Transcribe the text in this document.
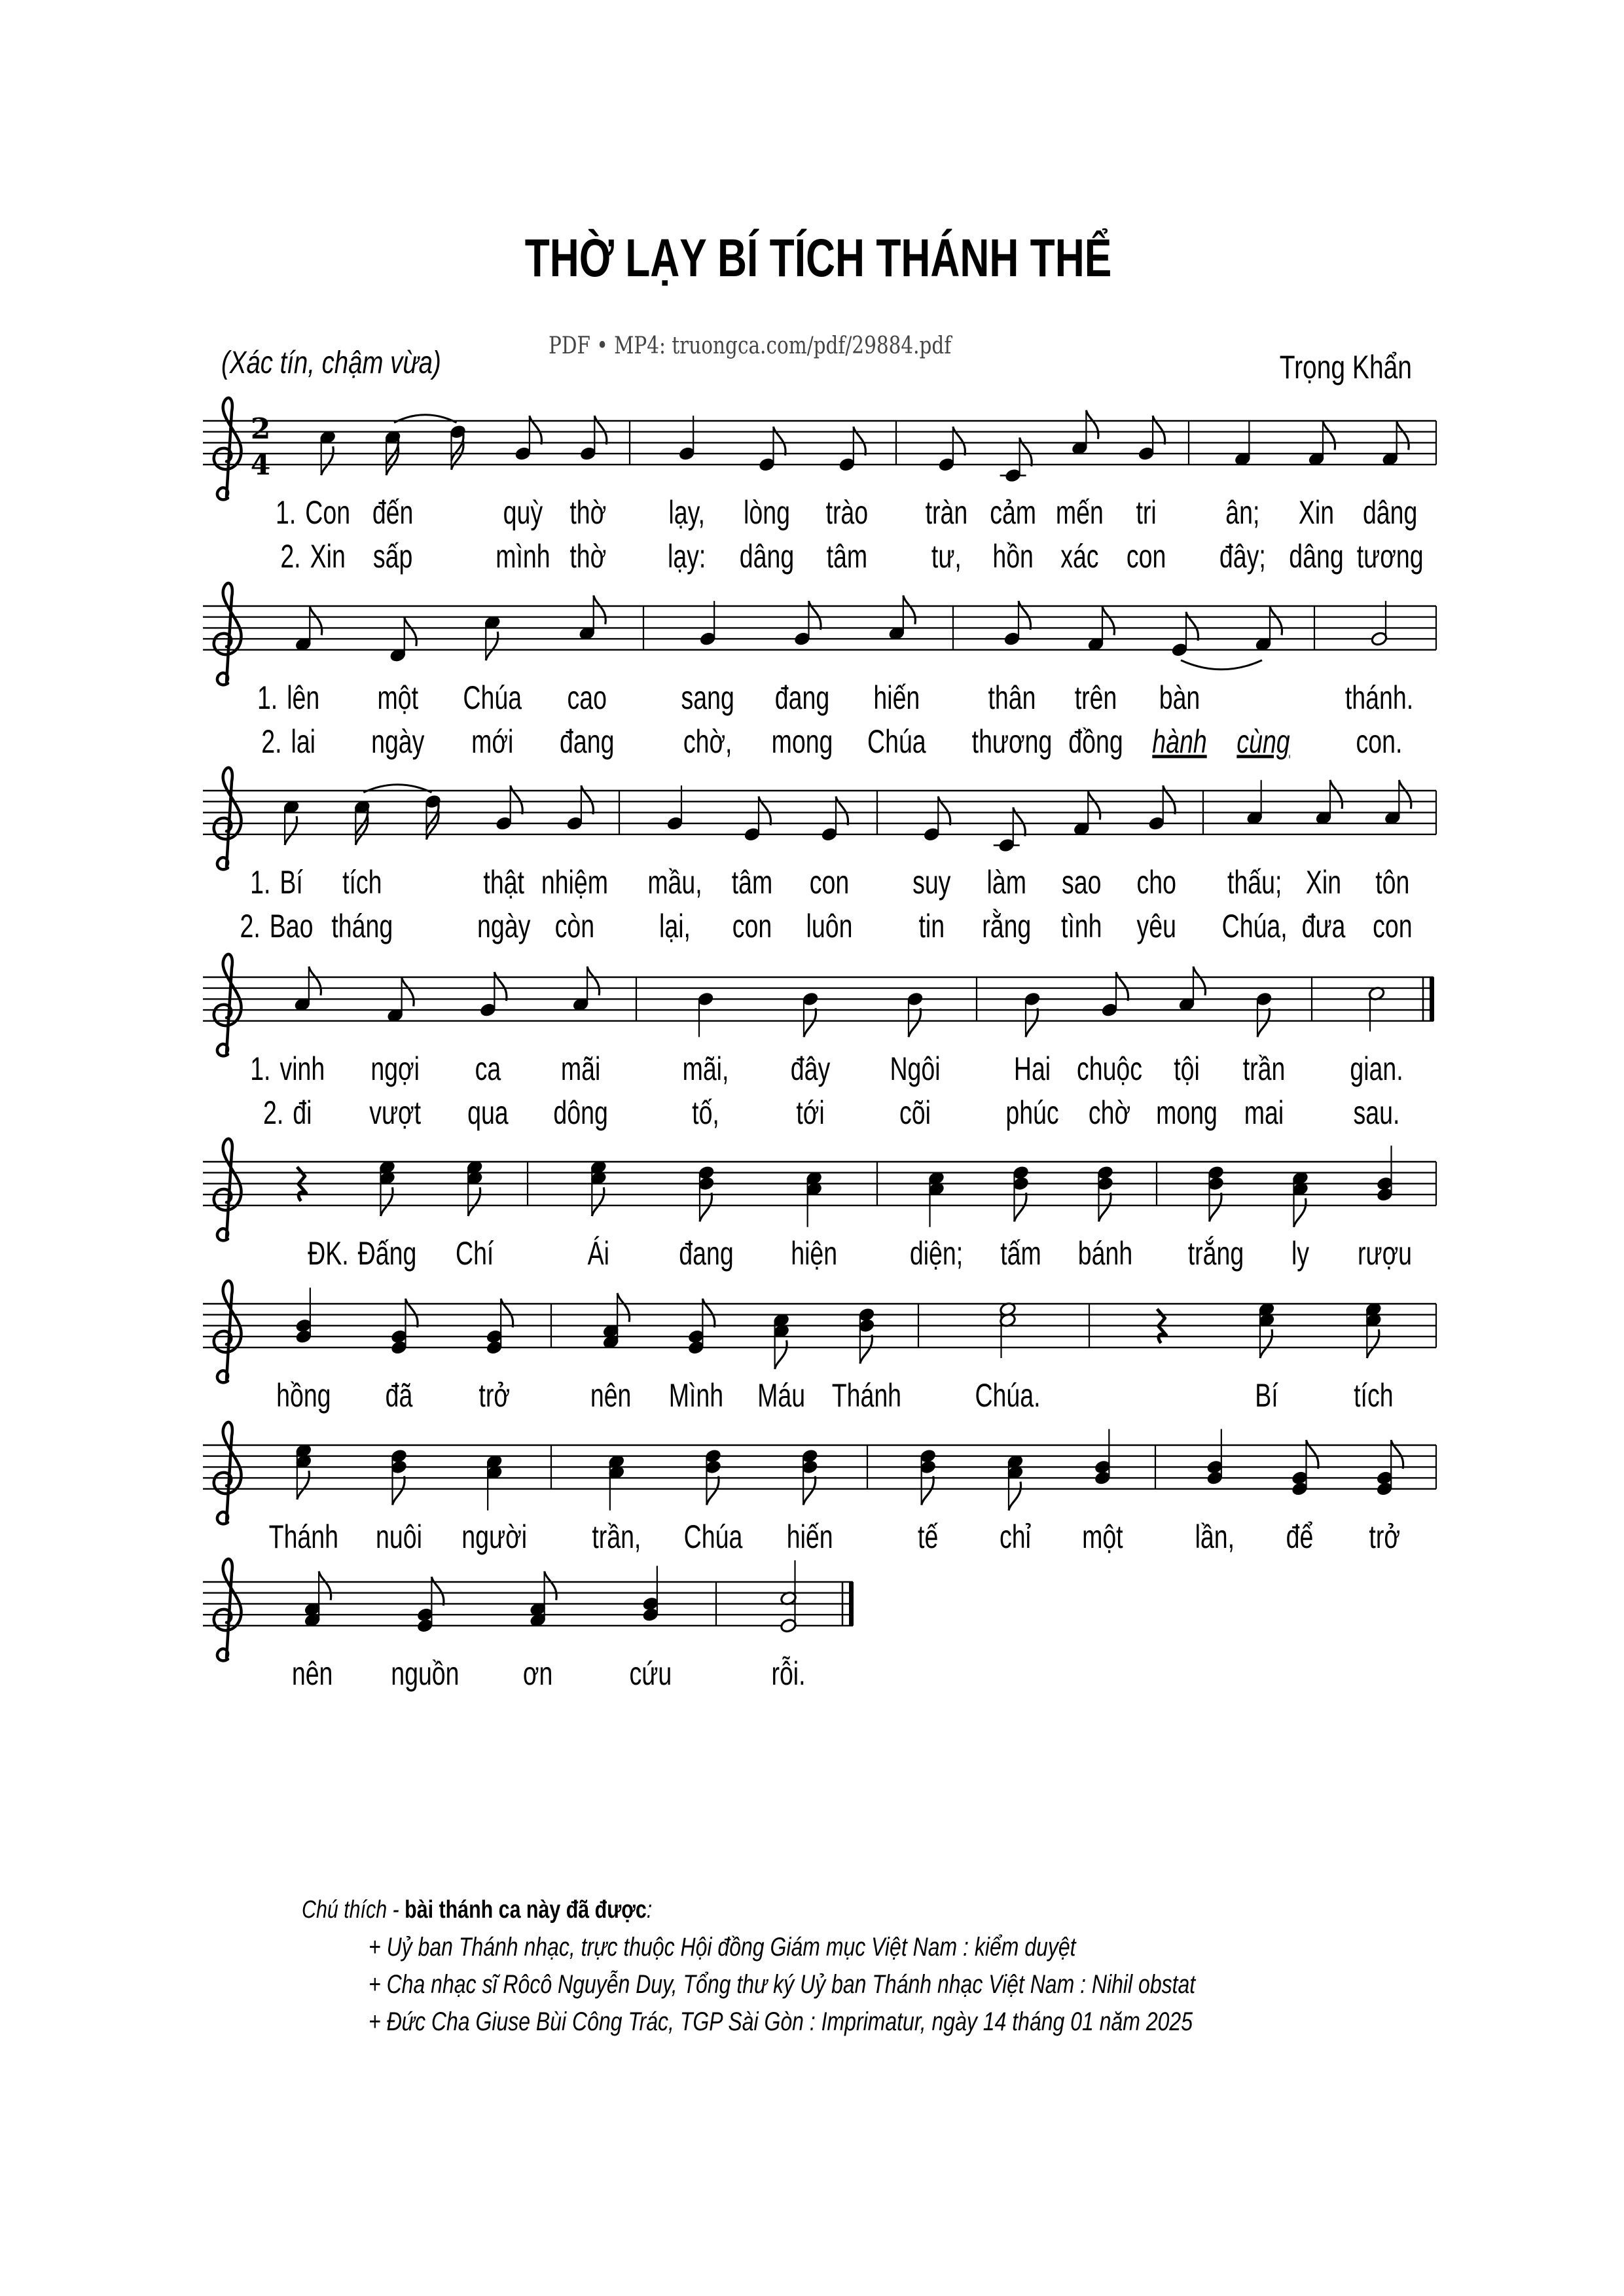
THỜ LẠY BÍ TÍCH THÁNH THỂ
(Xác tín, chậm vừa)
PDF • MP4: truongca.com/pdf/29884.pdf
Trọng Khẩn
2
4
Con
Xin
đến
sấp
quỳ
mình
thờ
thờ
lạy,
lạy:
lòng
dâng
trào
tâm
tràn
tư,
cảm
hồn
mến
xác
tri
con
ân;
đây;
Xin
dâng
dâng
tương
1.
2.
lên
lai
một
ngày
Chúa
mới
cao
đang
sang
chờ,
đang
mong
hiến
Chúa
thân
thương
trên
đồng
bàn
hành cùng
thánh.
con.
1.
2.
Bí
Bao
tích
tháng
thật
ngày
nhiệm
còn
mầu,
lại,
tâm
con
con
luôn
suy
tin
làm
rằng
sao
tình
cho
yêu
thấu;
Chúa,
Xin
đưa
tôn
con
1.
2.
vinh
đi
ngợi
vượt
ca
qua
mãi
dông
mãi,
tố,
đây
tới
Ngôi
cõi
Hai
phúc
chuộc
chờ
tội
mong
trần
mai
gian.
sau.
1.
2.
Đấng Chí	Ái đang hiện diện; tấm bánh trắng ly rượu
ĐK.
hồng đã trở nên Mình Máu Thánh Chúa.	Bí tích
Thánh nuôi người trần, Chúa hiến	tế chỉ một lần, để trở
nên nguồn ơn cứu	rỗi.
Chú thích - bài thánh ca này đã được:
+ Uỷ ban Thánh nhạc, trực thuộc Hội đồng Giám mục Việt Nam : kiểm duyệt
+ Cha nhạc sĩ Rôcô Nguyễn Duy, Tổng thư ký Uỷ ban Thánh nhạc Việt Nam : Nihil obstat
+ Đức Cha Giuse Bùi Công Trác, TGP Sài Gòn : Imprimatur, ngày 14 tháng 01 năm 2025
